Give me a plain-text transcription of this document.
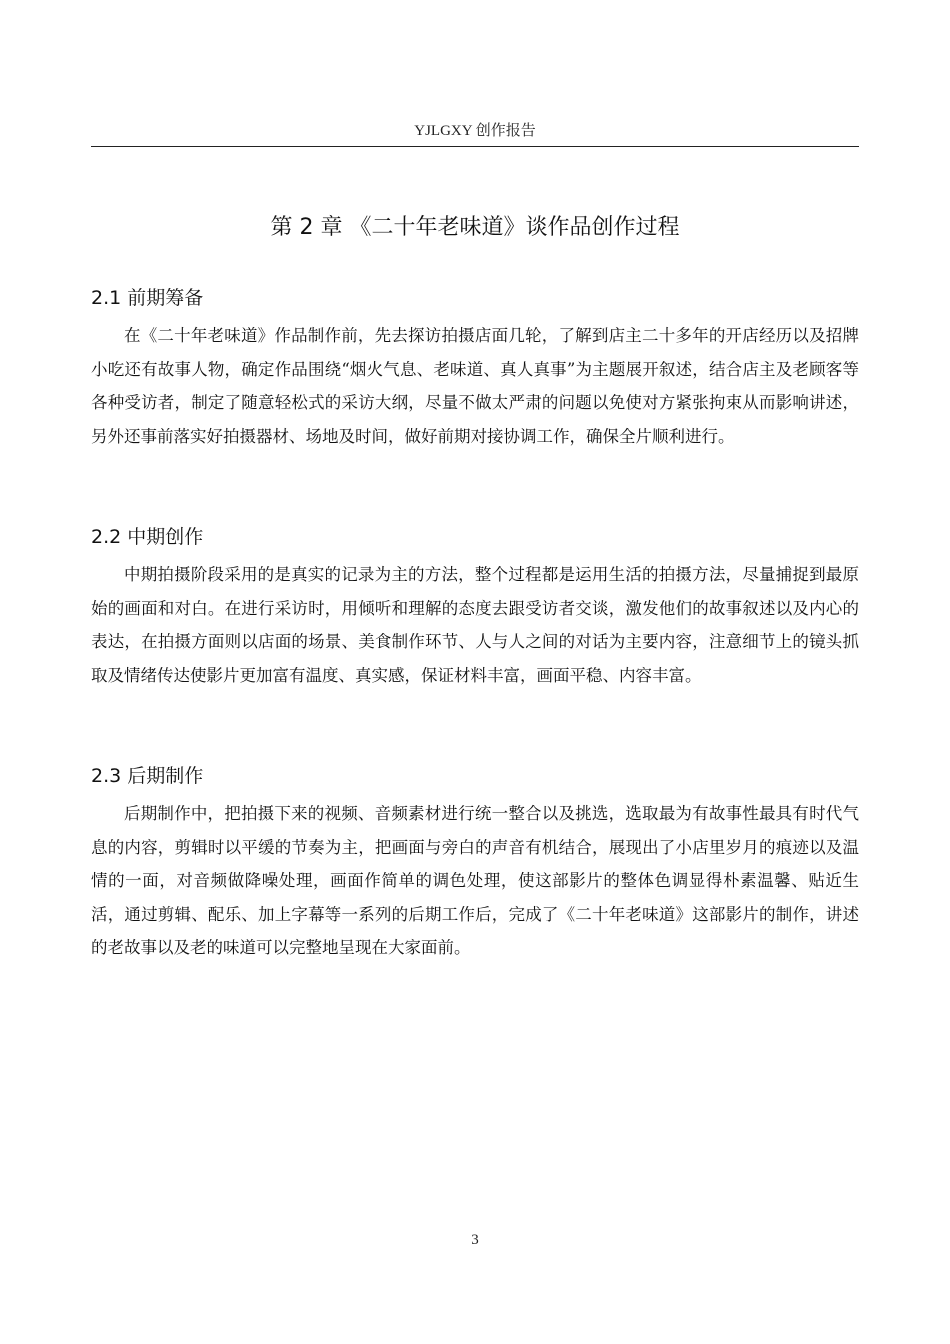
YJLGXY 创作报告
第 2 章 《二十年老味道》谈作品创作过程
2.1 前期筹备

在《二十年老味道》作品制作前，先去探访拍摄店面几轮，了解到店主二十多年的开店经历以及招牌小吃还有故事人物，确定作品围绕“烟火气息、老味道、真人真事”为主题展开叙述，结合店主及老顾客等各种受访者，制定了随意轻松式的采访大纲，尽量不做太严肃的问题以免使对方紧张拘束从而影响讲述，另外还事前落实好拍摄器材、场地及时间，做好前期对接协调工作，确保全片顺利进行。

2.2 中期创作

中期拍摄阶段采用的是真实的记录为主的方法，整个过程都是运用生活的拍摄方法，尽量捕捉到最原始的画面和对白。在进行采访时，用倾听和理解的态度去跟受访者交谈，激发他们的故事叙述以及内心的表达，在拍摄方面则以店面的场景、美食制作环节、人与人之间的对话为主要内容，注意细节上的镜头抓取及情绪传达使影片更加富有温度、真实感，保证材料丰富，画面平稳、内容丰富。

2.3 后期制作

后期制作中，把拍摄下来的视频、音频素材进行统一整合以及挑选，选取最为有故事性最具有时代气息的内容，剪辑时以平缓的节奏为主，把画面与旁白的声音有机结合，展现出了小店里岁月的痕迹以及温情的一面，对音频做降噪处理，画面作简单的调色处理，使这部影片的整体色调显得朴素温馨、贴近生活，通过剪辑、配乐、加上字幕等一系列的后期工作后，完成了《二十年老味道》这部影片的制作，讲述的老故事以及老的味道可以完整地呈现在大家面前。

3
